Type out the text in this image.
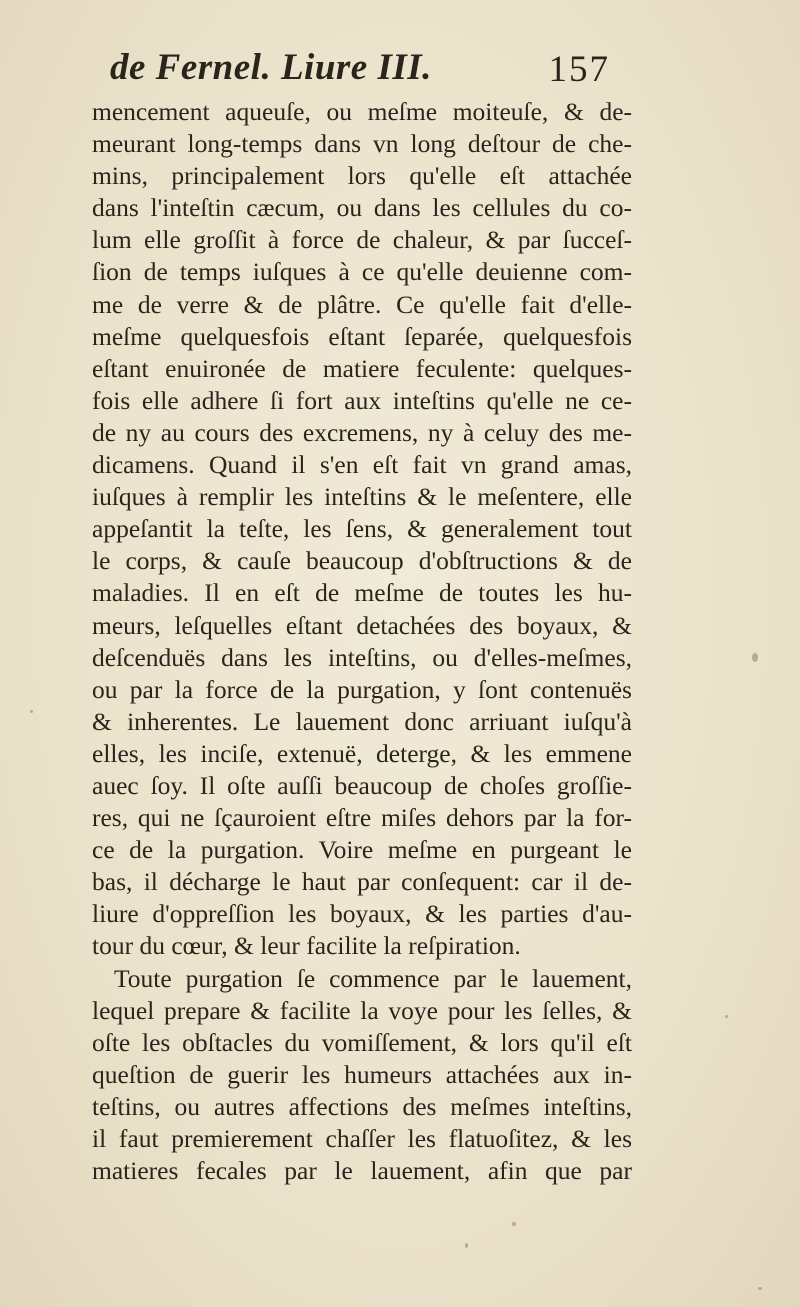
de Fernel. Liure III.	157
mencement aqueuſe, ou meſme moiteuſe, & de-
meurant long-temps dans vn long deſtour de che-
mins, principalement lors qu'elle eſt attachée
dans l'inteſtin cæcum, ou dans les cellules du co-
lum elle groſſit à force de chaleur, & par ſucceſ-
ſion de temps iuſques à ce qu'elle deuienne com-
me de verre & de plâtre. Ce qu'elle fait d'elle-
meſme quelquesfois eſtant ſeparée, quelquesfois
eſtant enuironée de matiere feculente: quelques-
fois elle adhere ſi fort aux inteſtins qu'elle ne ce-
de ny au cours des excremens, ny à celuy des me-
dicamens. Quand il s'en eſt fait vn grand amas,
iuſques à remplir les inteſtins & le meſentere, elle
appeſantit la teſte, les ſens, & generalement tout
le corps, & cauſe beaucoup d'obſtructions & de
maladies. Il en eſt de meſme de toutes les hu-
meurs, leſquelles eſtant detachées des boyaux, &
deſcenduës dans les inteſtins, ou d'elles-meſmes,
ou par la force de la purgation, y ſont contenuës
& inherentes. Le lauement donc arriuant iuſqu'à
elles, les inciſe, extenuë, deterge, & les emmene
auec ſoy. Il oſte auſſi beaucoup de choſes groſſie-
res, qui ne ſçauroient eſtre miſes dehors par la for-
ce de la purgation. Voire meſme en purgeant le
bas, il décharge le haut par conſequent: car il de-
liure d'oppreſſion les boyaux, & les parties d'au-
tour du cœur, & leur facilite la reſpiration.
Toute purgation ſe commence par le lauement,
lequel prepare & facilite la voye pour les ſelles, &
oſte les obſtacles du vomiſſement, & lors qu'il eſt
queſtion de guerir les humeurs attachées aux in-
teſtins, ou autres affections des meſmes inteſtins,
il faut premierement chaſſer les flatuoſitez, & les
matieres fecales par le lauement, afin que par
